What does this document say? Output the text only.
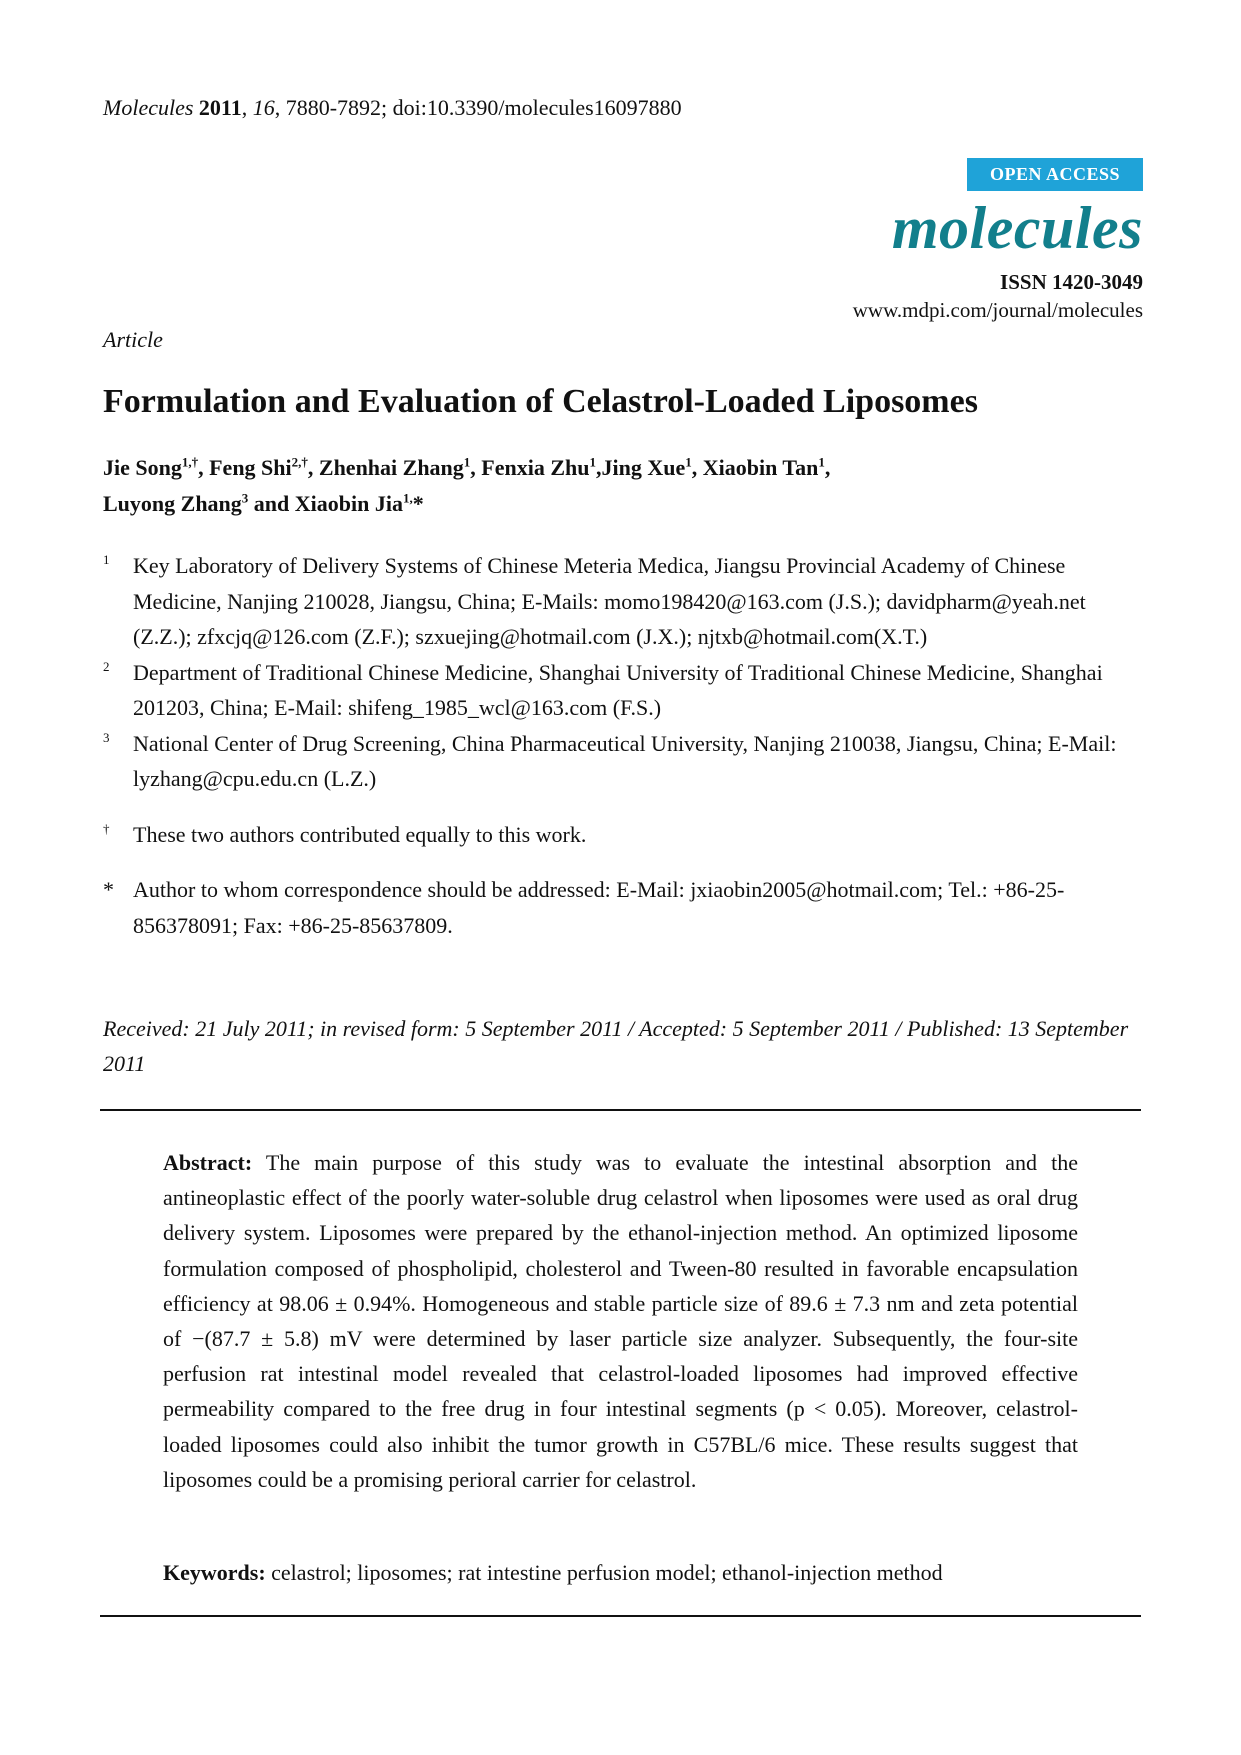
Molecules 2011, 16, 7880-7892; doi:10.3390/molecules16097880
OPEN ACCESS
molecules
ISSN 1420-3049
www.mdpi.com/journal/molecules
Article
Formulation and Evaluation of Celastrol-Loaded Liposomes
Jie Song$^{1,\dagger}$, Feng Shi$^{2,\dagger}$, Zhenhai Zhang$^1$, Fenxia Zhu$^1$,Jing Xue$^1$, Xiaobin Tan$^1$,
Luyong Zhang$^3$ and Xiaobin Jia$^{1,}$*
1 Key Laboratory of Delivery Systems of Chinese Meteria Medica, Jiangsu Provincial Academy of Chinese Medicine, Nanjing 210028, Jiangsu, China; E-Mails: momo198420@163.com (J.S.); davidpharm@yeah.net (Z.Z.); zfxcjq@126.com (Z.F.); szxuejing@hotmail.com (J.X.); njtxb@hotmail.com(X.T.)
2 Department of Traditional Chinese Medicine, Shanghai University of Traditional Chinese Medicine, Shanghai 201203, China; E-Mail: shifeng_1985_wcl@163.com (F.S.)
3 National Center of Drug Screening, China Pharmaceutical University, Nanjing 210038, Jiangsu, China; E-Mail: lyzhang@cpu.edu.cn (L.Z.)
† These two authors contributed equally to this work.
* Author to whom correspondence should be addressed: E-Mail: jxiaobin2005@hotmail.com; Tel.: +86-25-856378091; Fax: +86-25-85637809.
Received: 21 July 2011; in revised form: 5 September 2011 / Accepted: 5 September 2011 / Published: 13 September 2011
Abstract: The main purpose of this study was to evaluate the intestinal absorption and the antineoplastic effect of the poorly water-soluble drug celastrol when liposomes were used as oral drug delivery system. Liposomes were prepared by the ethanol-injection method. An optimized liposome formulation composed of phospholipid, cholesterol and Tween-80 resulted in favorable encapsulation efficiency at 98.06 ± 0.94%. Homogeneous and stable particle size of 89.6 ± 7.3 nm and zeta potential of −(87.7 ± 5.8) mV were determined by laser particle size analyzer. Subsequently, the four-site perfusion rat intestinal model revealed that celastrol-loaded liposomes had improved effective permeability compared to the free drug in four intestinal segments (p < 0.05). Moreover, celastrol-loaded liposomes could also inhibit the tumor growth in C57BL/6 mice. These results suggest that liposomes could be a promising perioral carrier for celastrol.
Keywords: celastrol; liposomes; rat intestine perfusion model; ethanol-injection method
